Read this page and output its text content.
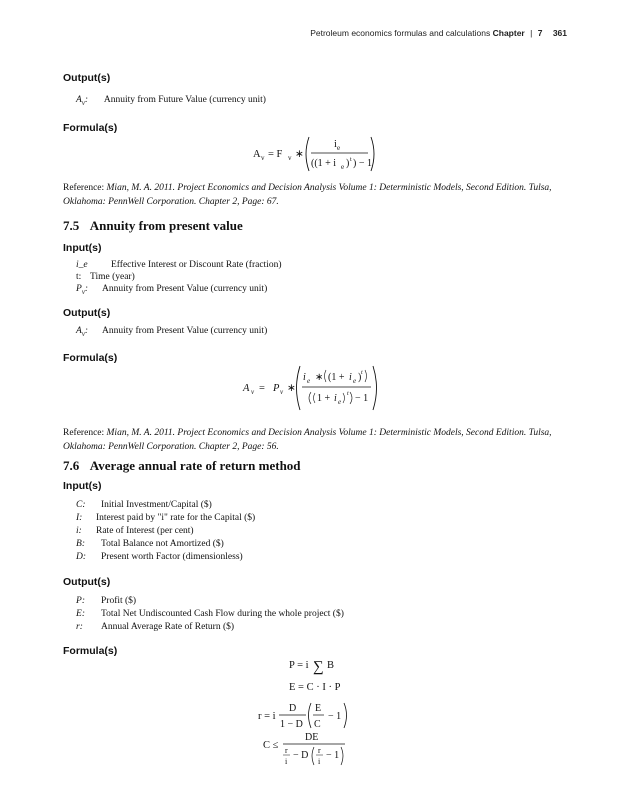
Petroleum economics formulas and calculations Chapter | 7 361
Output(s)
$A_v$: Annuity from Future Value (currency unit)
Formula(s)
A v = F v ∗
i e
((1 + i e ) t ) − 1
Reference: Mian, M. A. 2011. Project Economics and Decision Analysis Volume 1: Deterministic Models, Second Edition. Tulsa, Oklahoma: PennWell Corporation. Chapter 2, Page: 67.
7.5 Annuity from present value
Input(s)
i_e Effective Interest or Discount Rate (fraction)
t: Time (year)
$P_v$: Annuity from Present Value (currency unit)
Output(s)
$A_v$: Annuity from Present Value (currency unit)
Formula(s)
A v = P v ∗
i e ∗ (1 + i e ) t
1 + i e
t − 1
Reference: Mian, M. A. 2011. Project Economics and Decision Analysis Volume 1: Deterministic Models, Second Edition. Tulsa, Oklahoma: PennWell Corporation. Chapter 2, Page: 56.
7.6 Average annual rate of return method
Input(s)
C: Initial Investment/Capital ($)
I: Interest paid by "i" rate for the Capital ($)
i: Rate of Interest (per cent)
B: Total Balance not Amortized ($)
D: Present worth Factor (dimensionless)
Output(s)
P: Profit ($)
E: Total Net Undiscounted Cash Flow during the whole project ($)
r: Annual Average Rate of Return ($)
Formula(s)
P = i ∑ B
E = C · I · P
r = i
D
1 − D
E
C
− 1
C ≤
DE
r
i
− D r
i
− 1
